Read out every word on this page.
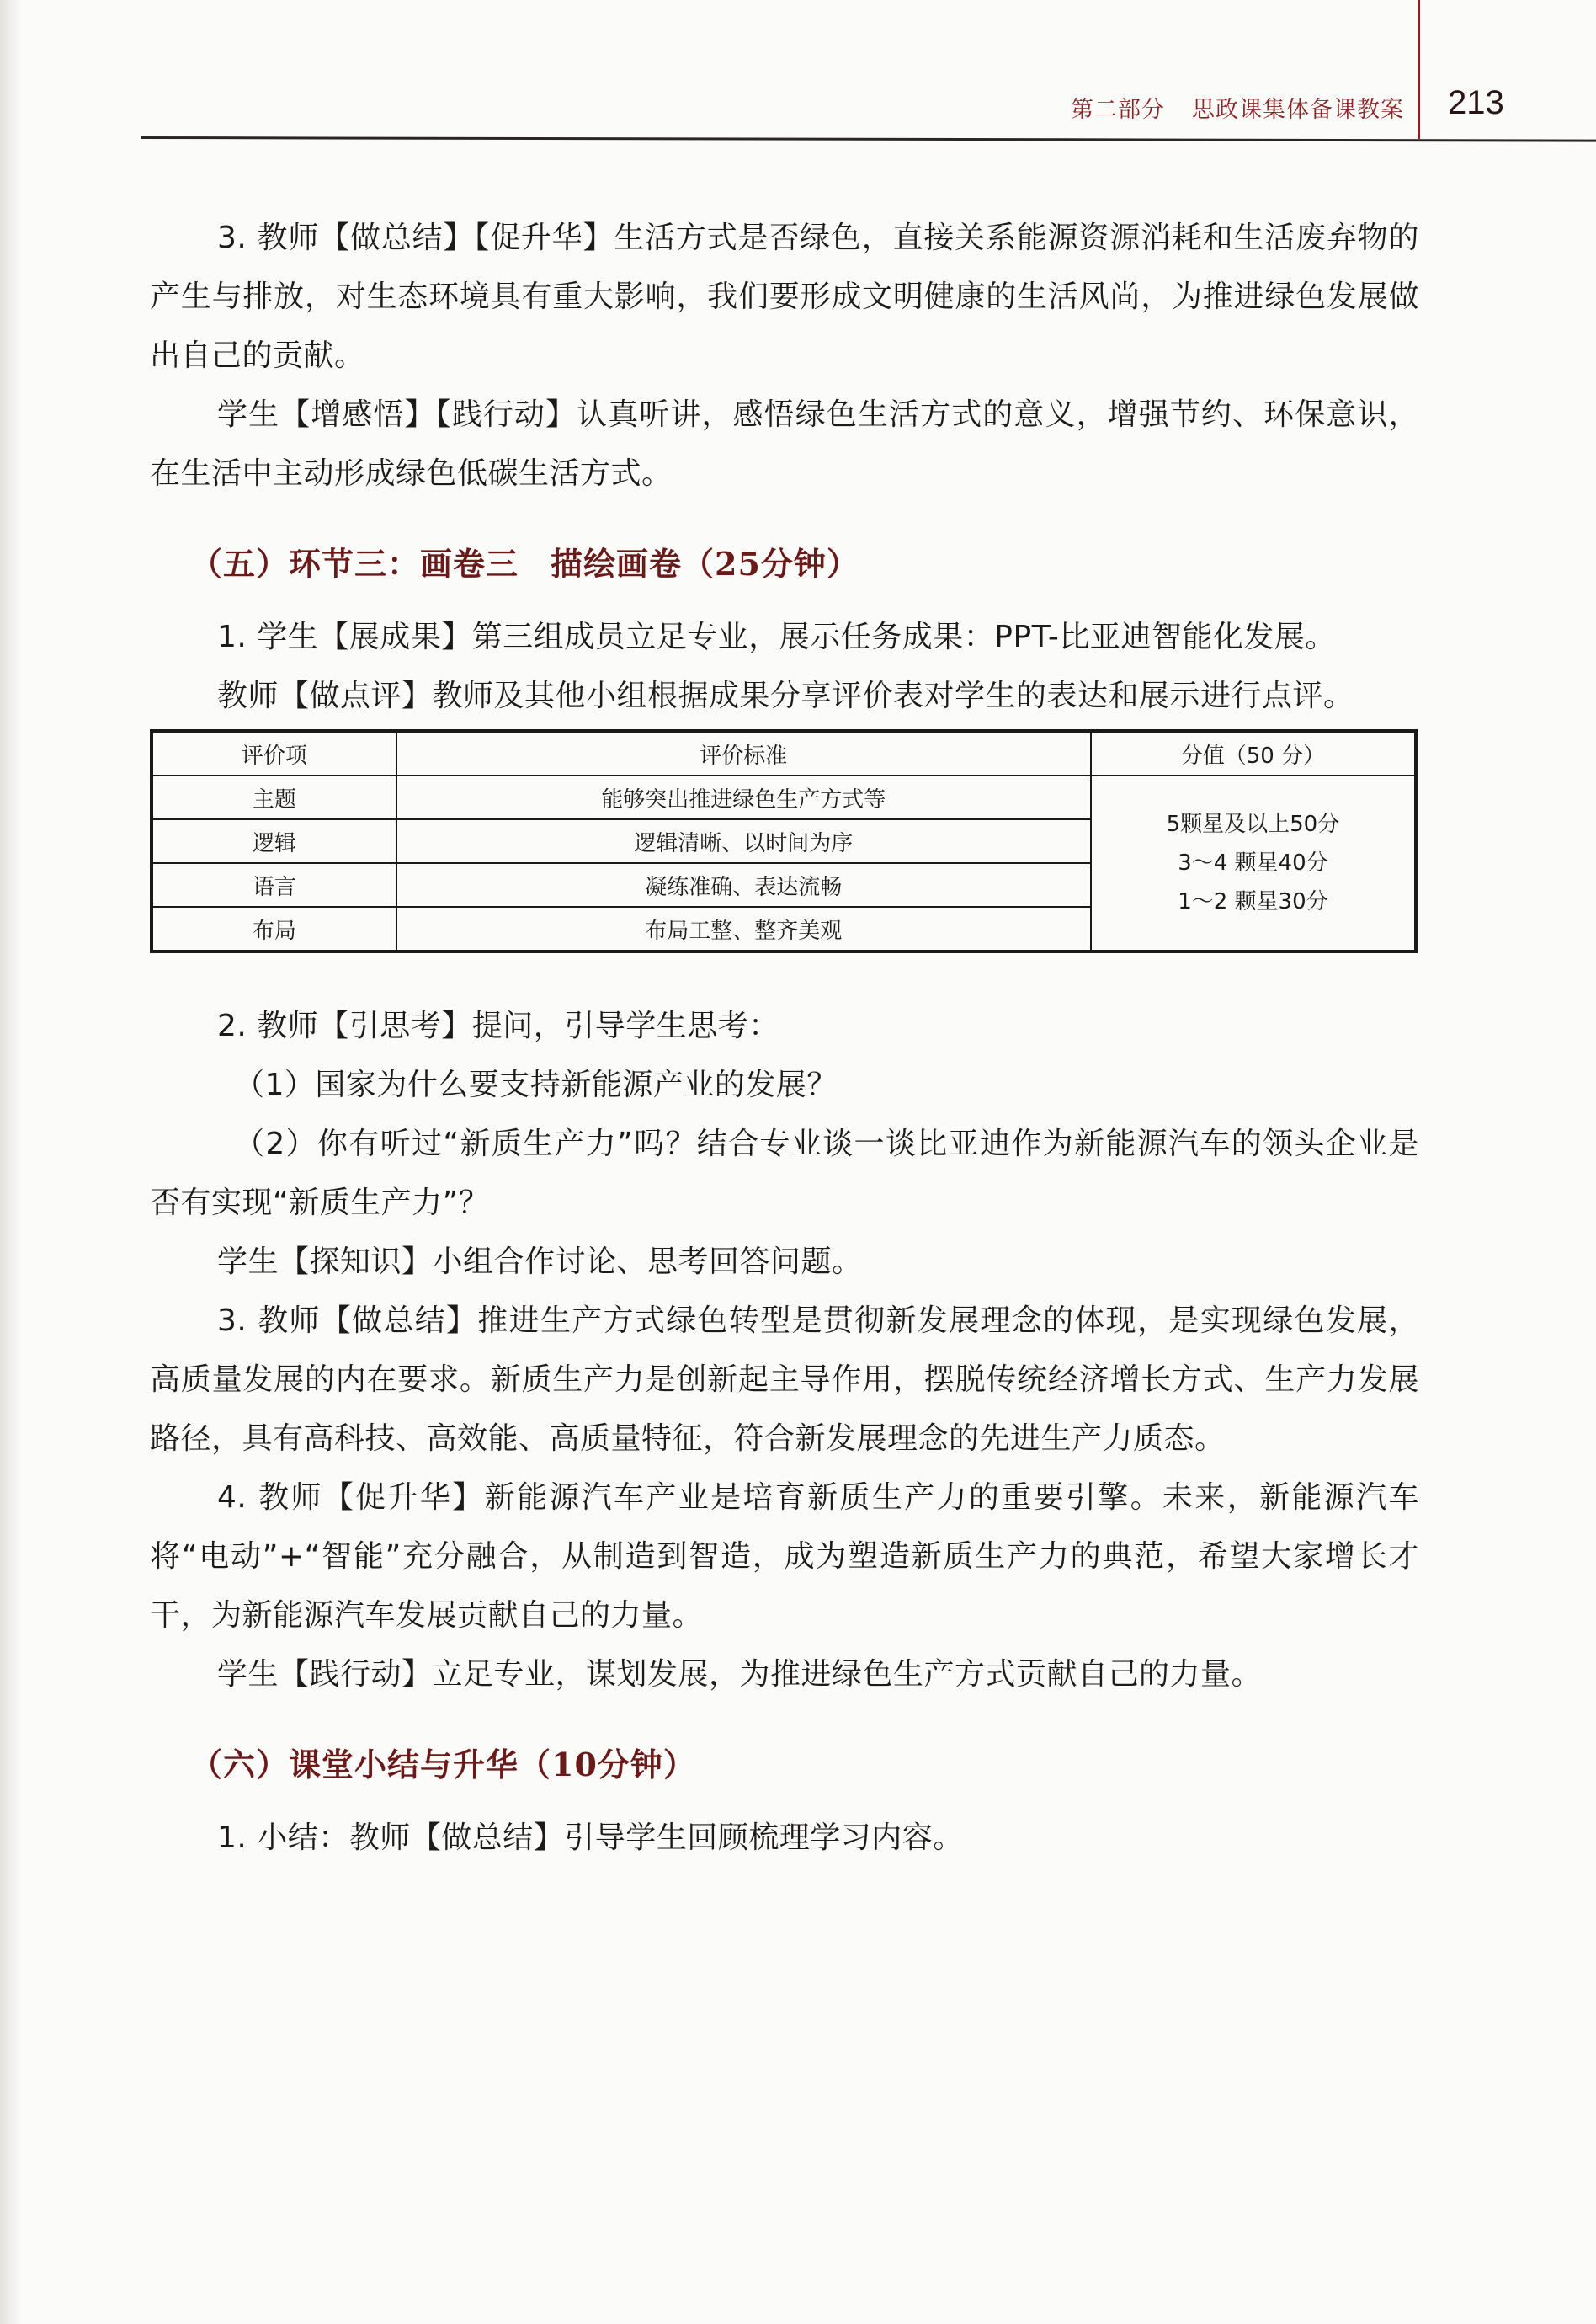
第二部分 思政课集体备课教案 213

3. 教师【做总结】【促升华】生活方式是否绿色，直接关系能源资源消耗和生活废弃物的产生与排放，对生态环境具有重大影响，我们要形成文明健康的生活风尚，为推进绿色发展做出自己的贡献。

学生【增感悟】【践行动】认真听讲，感悟绿色生活方式的意义，增强节约、环保意识，在生活中主动形成绿色低碳生活方式。

（五）环节三：画卷三 描绘画卷（25分钟）

1. 学生【展成果】第三组成员立足专业，展示任务成果：PPT-比亚迪智能化发展。

教师【做点评】教师及其他小组根据成果分享评价表对学生的表达和展示进行点评。

评价项	评价标准	分值（50 分）
主题	能够突出推进绿色生产方式等	5颗星及以上50分
3～4 颗星40分
1～2 颗星30分

逻辑	逻辑清晰、以时间为序	
语言	凝练准确、表达流畅	
布局	布局工整、整齐美观	

2. 教师【引思考】提问，引导学生思考：

（1）国家为什么要支持新能源产业的发展？

（2）你有听过“新质生产力”吗？结合专业谈一谈比亚迪作为新能源汽车的领头企业是否有实现“新质生产力”？

学生【探知识】小组合作讨论、思考回答问题。

3. 教师【做总结】推进生产方式绿色转型是贯彻新发展理念的体现，是实现绿色发展，高质量发展的内在要求。新质生产力是创新起主导作用，摆脱传统经济增长方式、生产力发展路径，具有高科技、高效能、高质量特征，符合新发展理念的先进生产力质态。

4. 教师【促升华】新能源汽车产业是培育新质生产力的重要引擎。未来，新能源汽车将“电动”+“智能”充分融合，从制造到智造，成为塑造新质生产力的典范，希望大家增长才干，为新能源汽车发展贡献自己的力量。

学生【践行动】立足专业，谋划发展，为推进绿色生产方式贡献自己的力量。

（六）课堂小结与升华（10分钟）

1. 小结：教师【做总结】引导学生回顾梳理学习内容。
